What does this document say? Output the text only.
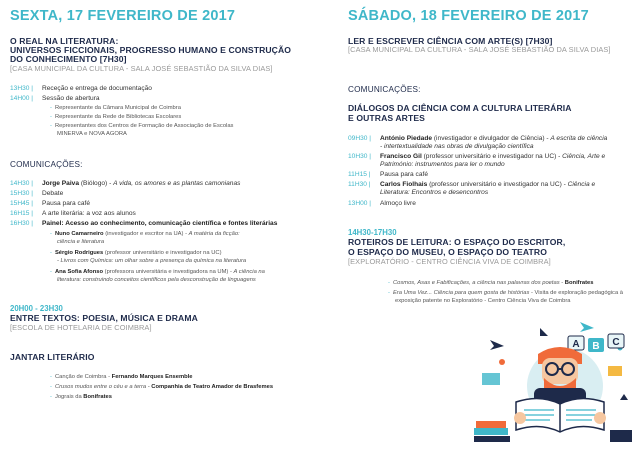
SEXTA, 17 FEVEREIRO DE 2017
O REAL NA LITERATURA:
UNIVERSOS FICCIONAIS, PROGRESSO HUMANO E CONSTRUÇÃO
DO CONHECIMENTO [7H30]
[CASA MUNICIPAL DA CULTURA - SALA JOSÉ SEBASTIÃO DA SILVA DIAS]
13H30 | Receção e entrega de documentação
14H00 | Sessão de abertura
- Representante da Câmara Municipal de Coimbra
- Representante da Rede de Bibliotecas Escolares
- Representantes dos Centros de Formação de Associação de Escolas
MINERVA e NOVA AGORA
COMUNICAÇÕES:
14H30 | Jorge Paiva (Biólogo) - A vida, os amores e as plantas camonianas
15H30 | Debate
15H45 | Pausa para café
16H15 | A arte literária: a voz aos alunos
16H30 | Painel: Acesso ao conhecimento, comunicação científica e fontes literárias
- Nuno Camarneiro (investigador e escritor na UA) - A matéria da ficção:
ciência e literatura
- Sérgio Rodrigues (professor universitário e investigador na UC)
- Livros com Química: um olhar sobre a presença da química na literatura
- Ana Sofia Afonso (professora universitária e investigadora na UM) - A ciência na
literatura: construindo conceitos científicos pela desconstrução de linguagens
20H00 - 23H30
ENTRE TEXTOS: POESIA, MÚSICA E DRAMA
[ESCOLA DE HOTELARIA DE COIMBRA]
JANTAR LITERÁRIO
- Canção de Coimbra - Fernando Marques Ensemble
- Crusos mudos entre o céu e a terra - Companhia de Teatro Amador de Brasfemes
- Jograis da Bonifrates
SÁBADO, 18 FEVEREIRO DE 2017
LER E ESCREVER CIÊNCIA COM ARTE(S) [7H30]
[CASA MUNICIPAL DA CULTURA - SALA JOSÉ SEBASTIÃO DA SILVA DIAS]
COMUNICAÇÕES:
DIÁLOGOS DA CIÊNCIA COM A CULTURA LITERÁRIA
E OUTRAS ARTES
09H30 | António Piedade (investigador e divulgador de Ciência) - A escrita de ciência
- intertextualidade nas obras de divulgação científica
10H30 | Francisco Gil (professor universitário e investigador na UC) - Ciência, Arte e
Património: instrumentos para ler o mundo
11H15 | Pausa para café
11H30 | Carlos Fiolhais (professor universitário e investigador na UC) - Ciência e
Literatura: Encontros e desencontros
13H00 | Almoço livre
14H30-17H30
ROTEIROS DE LEITURA: O ESPAÇO DO ESCRITOR,
O ESPAÇO DO MUSEU, O ESPAÇO DO TEATRO
[EXPLORATÓRIO - CENTRO CIÊNCIA VIVA DE COIMBRA]
- Cosmos, Asas e Fabificações, a ciência nas palavras dos poetas - Bonifrates
- Era Uma Vez... Ciência para quem gosta de histórias - Visita de exploração pedagógica à
exposição patente no Exploratório - Centro Ciência Viva de Coimbra
A B C
